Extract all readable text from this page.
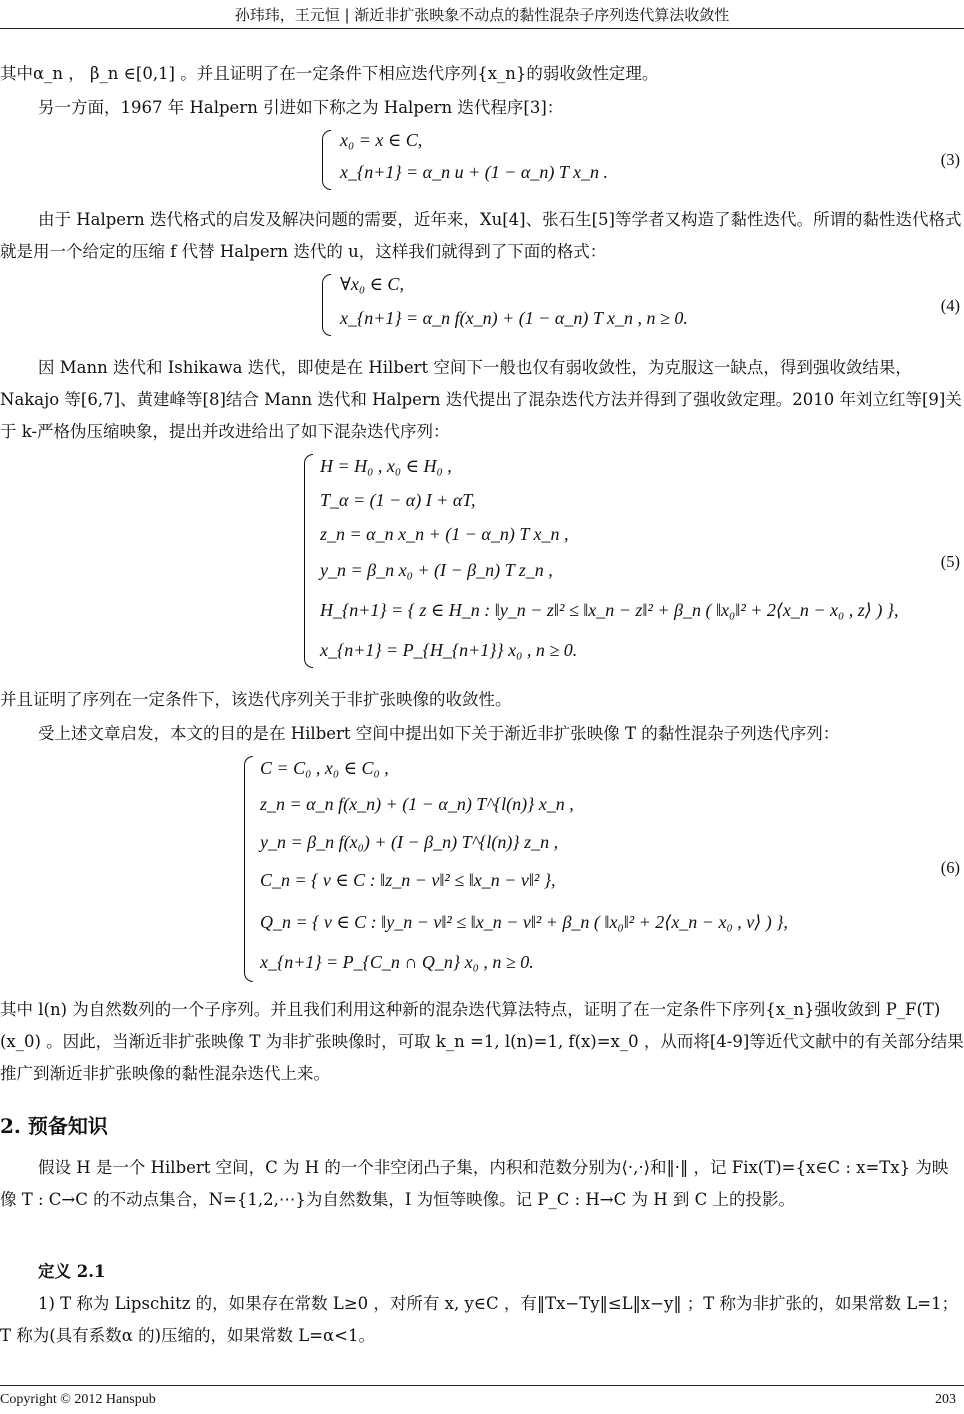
孙玮玮，王元恒 | 渐近非扩张映象不动点的黏性混杂子序列迭代算法收敛性

其中α_n ， β_n ∈[0,1] 。并且证明了在一定条件下相应迭代序列{x_n}的弱收敛性定理。

另一方面，1967 年 Halpern 引进如下称之为 Halpern 迭代程序[3]：

x₀ = x ∈ C,
x_{n+1} = α_n u + (1 − α_n) T x_n .
(3)

由于 Halpern 迭代格式的启发及解决问题的需要，近年来，Xu[4]、张石生[5]等学者又构造了黏性迭代。所谓的黏性迭代格式就是用一个给定的压缩 f 代替 Halpern 迭代的 u，这样我们就得到了下面的格式：

∀x₀ ∈ C,
x_{n+1} = α_n f(x_n) + (1 − α_n) T x_n , n ≥ 0.
(4)

因 Mann 迭代和 Ishikawa 迭代，即使是在 Hilbert 空间下一般也仅有弱收敛性，为克服这一缺点，得到强收敛结果，Nakajo 等[6,7]、黄建峰等[8]结合 Mann 迭代和 Halpern 迭代提出了混杂迭代方法并得到了强收敛定理。2010 年刘立红等[9]关于 k-严格伪压缩映象，提出并改进给出了如下混杂迭代序列：

H = H₀ , x₀ ∈ H₀ ,
T_α = (1 − α) I + αT,
z_n = α_n x_n + (1 − α_n) T x_n ,
y_n = β_n x₀ + (I − β_n) T z_n ,
H_{n+1} = { z ∈ H_n : ‖y_n − z‖² ≤ ‖x_n − z‖² + β_n ( ‖x₀‖² + 2⟨x_n − x₀ , z⟩ ) },
x_{n+1} = P_{H_{n+1}} x₀ , n ≥ 0.
(5)

并且证明了序列在一定条件下，该迭代序列关于非扩张映像的收敛性。

受上述文章启发，本文的目的是在 Hilbert 空间中提出如下关于渐近非扩张映像 T 的黏性混杂子列迭代序列：

C = C₀ , x₀ ∈ C₀ ,
z_n = α_n f(x_n) + (1 − α_n) T^{l(n)} x_n ,
y_n = β_n f(x₀) + (I − β_n) T^{l(n)} z_n ,
C_n = { v ∈ C : ‖z_n − v‖² ≤ ‖x_n − v‖² },
Q_n = { v ∈ C : ‖y_n − v‖² ≤ ‖x_n − v‖² + β_n ( ‖x₀‖² + 2⟨x_n − x₀ , v⟩ ) },
x_{n+1} = P_{C_n ∩ Q_n} x₀ , n ≥ 0.
(6)

其中 l(n) 为自然数列的一个子序列。并且我们利用这种新的混杂迭代算法特点，证明了在一定条件下序列{x_n}强收敛到 P_F(T)(x_0) 。因此，当渐近非扩张映像 T 为非扩张映像时，可取 k_n =1, l(n)=1, f(x)=x_0 ，从而将[4-9]等近代文献中的有关部分结果推广到渐近非扩张映像的黏性混杂迭代上来。

2. 预备知识

假设 H 是一个 Hilbert 空间，C 为 H 的一个非空闭凸子集，内积和范数分别为⟨·,·⟩和‖·‖ ，记 Fix(T)={x∈C : x=Tx} 为映像 T : C→C 的不动点集合，N={1,2,⋯}为自然数集，I 为恒等映像。记 P_C : H→C 为 H 到 C 上的投影。

定义 2.1

1) T 称为 Lipschitz 的，如果存在常数 L≥0 ，对所有 x, y∈C ，有‖Tx−Ty‖≤L‖x−y‖ ；T 称为非扩张的，如果常数 L=1；T 称为(具有系数α 的)压缩的，如果常数 L=α<1。

Copyright © 2012 Hanspub	203
